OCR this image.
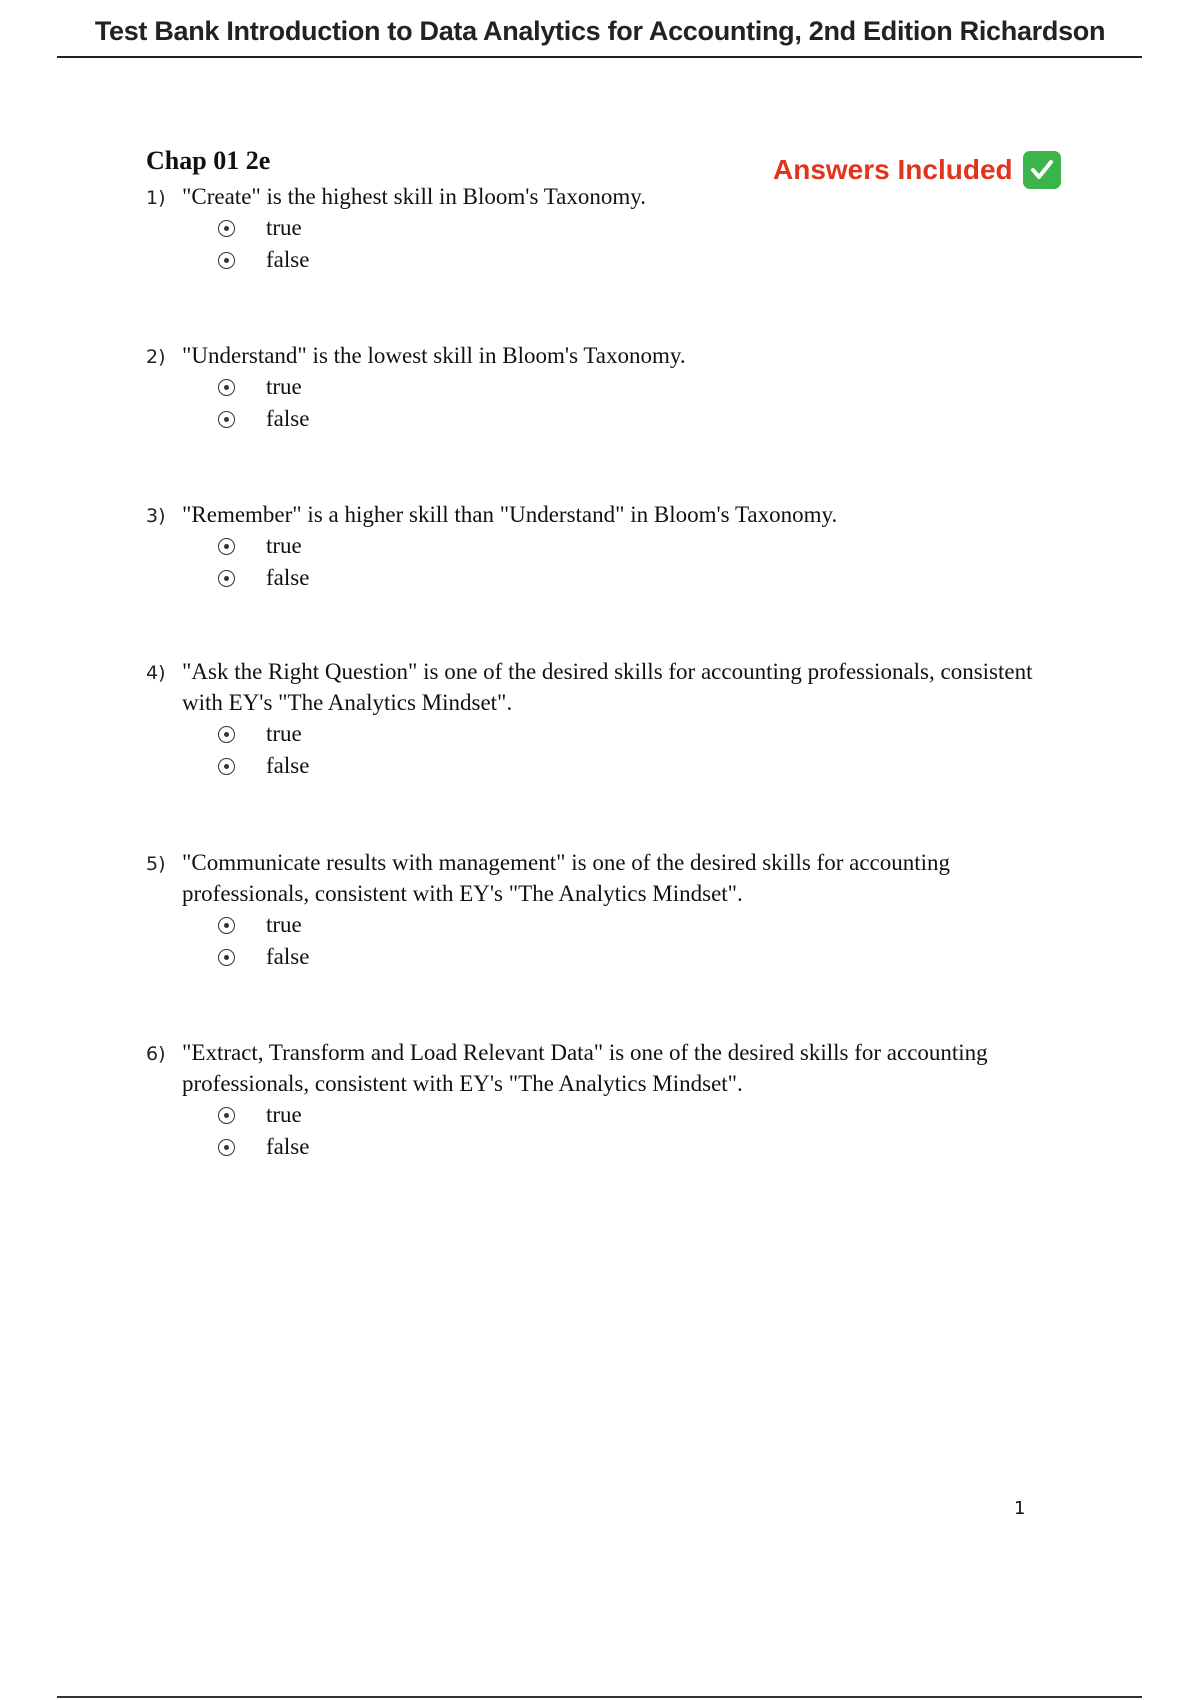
Test Bank Introduction to Data Analytics for Accounting, 2nd Edition Richardson
Chap 01 2e	Answers Included
1) "Create" is the highest skill in Bloom's Taxonomy.
true
false
2) "Understand" is the lowest skill in Bloom's Taxonomy.
true
false
3) "Remember" is a higher skill than "Understand" in Bloom's Taxonomy.
true
false
4) "Ask the Right Question" is one of the desired skills for accounting professionals, consistent with EY's "The Analytics Mindset".
true
false
5) "Communicate results with management" is one of the desired skills for accounting professionals, consistent with EY's "The Analytics Mindset".
true
false
6) "Extract, Transform and Load Relevant Data" is one of the desired skills for accounting professionals, consistent with EY's "The Analytics Mindset".
true
false
1
